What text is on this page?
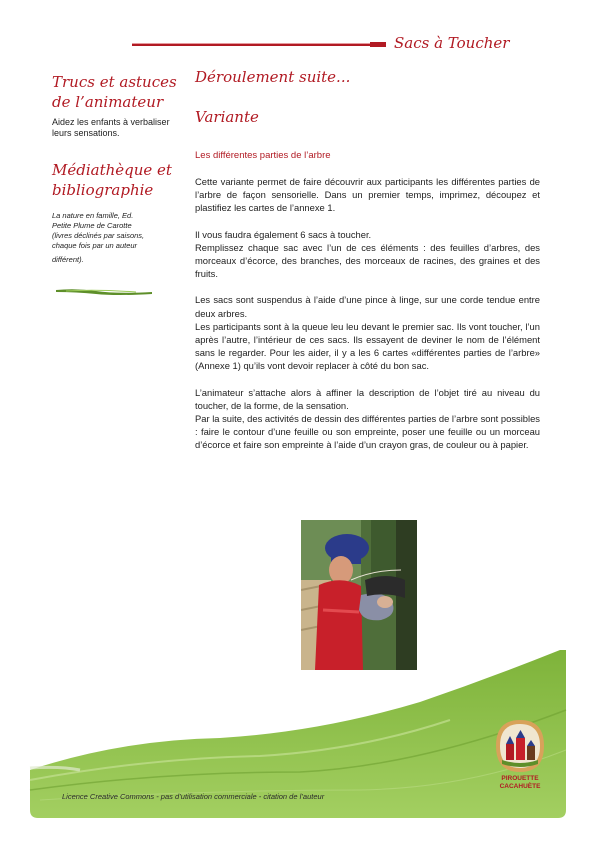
Sacs à Toucher
Trucs et astuces
de l’animateur
Aidez les enfants à verbaliser
leurs sensations.
Médiathèque et
bibliographie
La nature en famille, Ed.
Petite Plume de Carotte
(livres déclinés par saisons,
chaque fois par un auteur

différent).
Déroulement suite...
Variante
Les différentes parties de l’arbre

Cette variante permet de faire découvrir aux participants les différentes parties de l’arbre de façon sensorielle. Dans un premier temps, imprimez, découpez et plastifiez les cartes de l’annexe 1.

Il vous faudra également 6 sacs à toucher.

Remplissez chaque sac avec l’un de ces éléments : des feuilles d’arbres, des morceaux d’écorce, des branches, des morceaux de racines, des graines et des fruits.

Les sacs sont suspendus à l’aide d’une pince à linge, sur une corde tendue entre deux arbres.

Les participants sont à la queue leu leu devant le premier sac. Ils vont toucher, l’un après l’autre, l’intérieur de ces sacs. Ils essayent de deviner le nom de l’élément sans le regarder. Pour les aider, il y a les 6 cartes «différentes parties de l’arbre» (Annexe 1) qu’ils vont devoir replacer à côté du bon sac.

L’animateur s’attache alors à affiner la description de l’objet tiré au niveau du toucher, de la forme, de la sensation.

Par la suite, des activités de dessin des différentes parties de l’arbre sont possibles : faire le contour d’une feuille ou son empreinte, poser une feuille ou un morceau d’écorce et faire son empreinte à l’aide d’un crayon gras, de couleur ou à papier.

Licence Creative Commons - pas d’utilisation commerciale - citation de l’auteur
PIROUETTE
CACAHUÈTE
